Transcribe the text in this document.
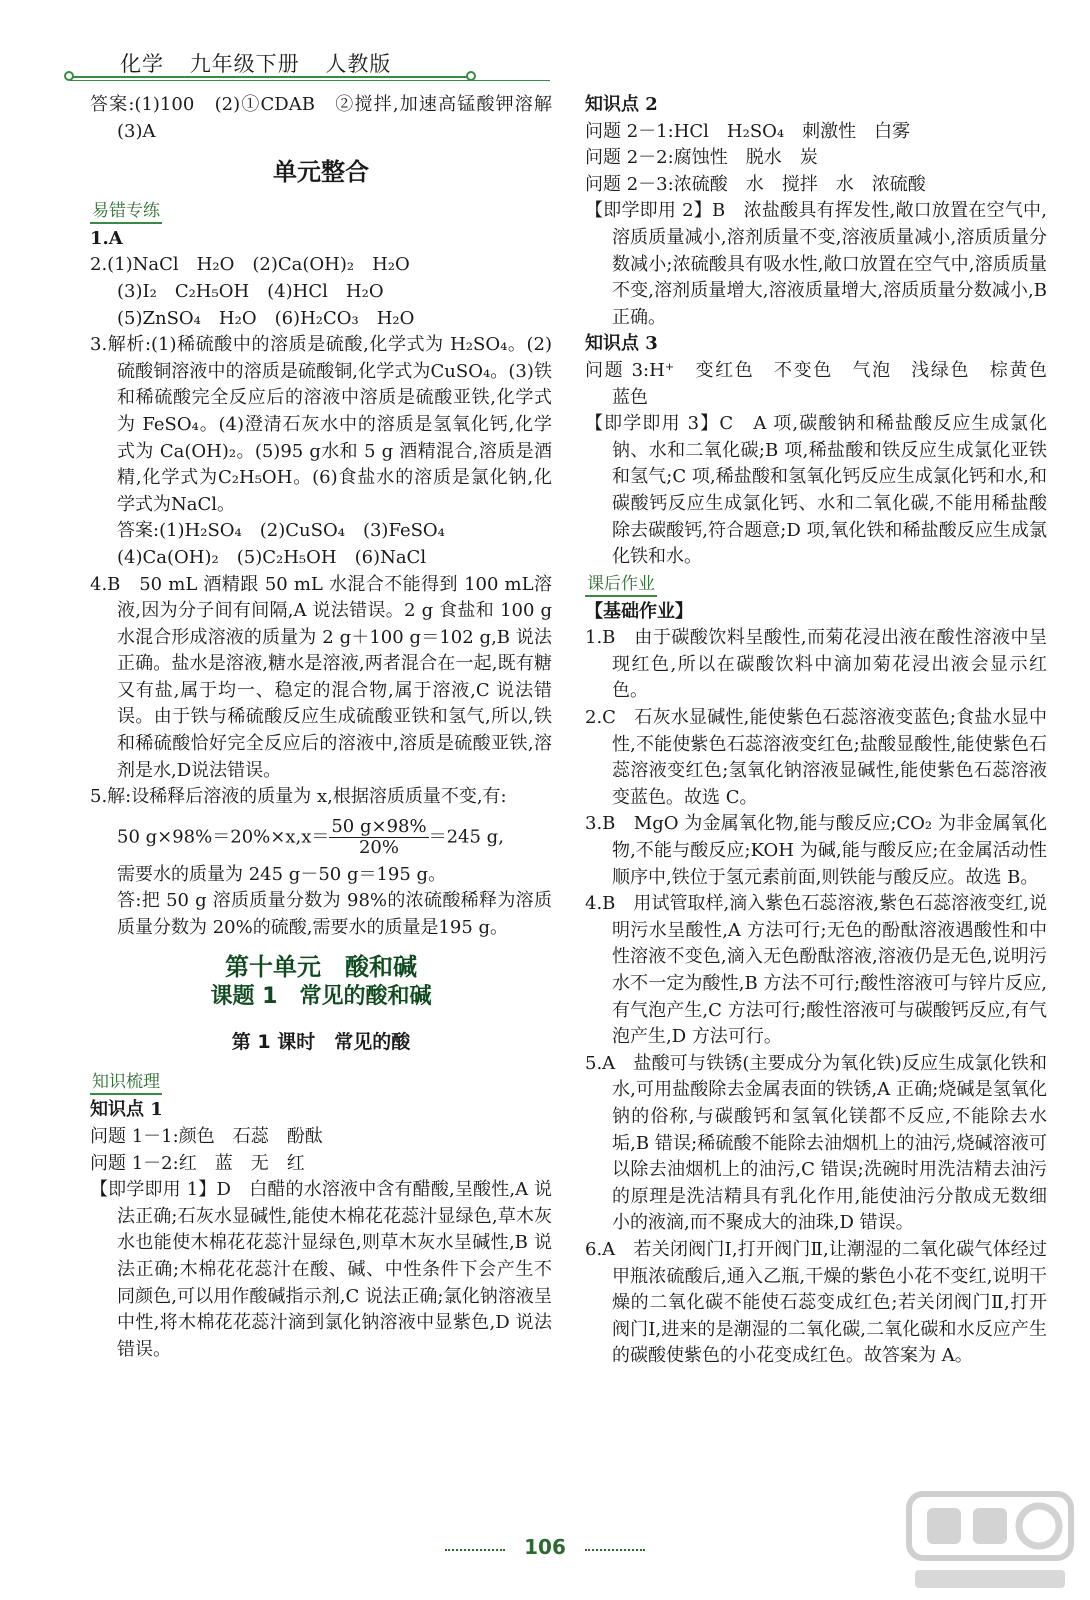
化学 九年级下册 人教版

答案:(1)100　(2)①CDAB　②搅拌,加速高锰酸钾溶解　(3)A

单元整合
易错专练

1.A

2.(1)NaCl　H₂O　(2)Ca(OH)₂　H₂O

(3)I₂　C₂H₅OH　(4)HCl　H₂O

(5)ZnSO₄　H₂O　(6)H₂CO₃　H₂O

3.解析:(1)稀硫酸中的溶质是硫酸,化学式为 H₂SO₄。(2)硫酸铜溶液中的溶质是硫酸铜,化学式为CuSO₄。(3)铁和稀硫酸完全反应后的溶液中溶质是硫酸亚铁,化学式为 FeSO₄。(4)澄清石灰水中的溶质是氢氧化钙,化学式为 Ca(OH)₂。(5)95 g水和 5 g 酒精混合,溶质是酒精,化学式为C₂H₅OH。(6)食盐水的溶质是氯化钠,化学式为NaCl。

答案:(1)H₂SO₄　(2)CuSO₄　(3)FeSO₄

(4)Ca(OH)₂　(5)C₂H₅OH　(6)NaCl

4.B　50 mL 酒精跟 50 mL 水混合不能得到 100 mL溶液,因为分子间有间隔,A 说法错误。2 g 食盐和 100 g 水混合形成溶液的质量为 2 g＋100 g＝102 g,B 说法正确。盐水是溶液,糖水是溶液,两者混合在一起,既有糖又有盐,属于均一、稳定的混合物,属于溶液,C 说法错误。由于铁与稀硫酸反应生成硫酸亚铁和氢气,所以,铁和稀硫酸恰好完全反应后的溶液中,溶质是硫酸亚铁,溶剂是水,D说法错误。

5.解:设稀释后溶液的质量为 x,根据溶质质量不变,有:

50 $g\times 98\%=20\%\times x,x= \frac{50 g\times 98\%}{20\%} =245$ g,

需要水的质量为 245 g－50 g＝195 g。

答:把 50 g 溶质质量分数为 98%的浓硫酸稀释为溶质质量分数为 20%的硫酸,需要水的质量是195 g。

第十单元　酸和碱
课题 1　常见的酸和碱
第 1 课时　常见的酸
知识梳理

知识点 1

问题 1－1:颜色　石蕊　酚酞

问题 1－2:红　蓝　无　红

【即学即用 1】D　白醋的水溶液中含有醋酸,呈酸性,A 说法正确;石灰水显碱性,能使木棉花花蕊汁显绿色,草木灰水也能使木棉花花蕊汁显绿色,则草木灰水呈碱性,B 说法正确;木棉花花蕊汁在酸、碱、中性条件下会产生不同颜色,可以用作酸碱指示剂,C 说法正确;氯化钠溶液呈中性,将木棉花花蕊汁滴到氯化钠溶液中显紫色,D 说法错误。

知识点 2

问题 2－1:HCl　H₂SO₄　刺激性　白雾

问题 2－2:腐蚀性　脱水　炭

问题 2－3:浓硫酸　水　搅拌　水　浓硫酸

【即学即用 2】B　浓盐酸具有挥发性,敞口放置在空气中,溶质质量减小,溶剂质量不变,溶液质量减小,溶质质量分数减小;浓硫酸具有吸水性,敞口放置在空气中,溶质质量不变,溶剂质量增大,溶液质量增大,溶质质量分数减小,B 正确。

知识点 3

问题 3:H⁺　变红色　不变色　气泡　浅绿色　棕黄色　蓝色

【即学即用 3】C　A 项,碳酸钠和稀盐酸反应生成氯化钠、水和二氧化碳;B 项,稀盐酸和铁反应生成氯化亚铁和氢气;C 项,稀盐酸和氢氧化钙反应生成氯化钙和水,和碳酸钙反应生成氯化钙、水和二氧化碳,不能用稀盐酸除去碳酸钙,符合题意;D 项,氧化铁和稀盐酸反应生成氯化铁和水。

课后作业

【基础作业】

1.B　由于碳酸饮料呈酸性,而菊花浸出液在酸性溶液中呈现红色,所以在碳酸饮料中滴加菊花浸出液会显示红色。

2.C　石灰水显碱性,能使紫色石蕊溶液变蓝色;食盐水显中性,不能使紫色石蕊溶液变红色;盐酸显酸性,能使紫色石蕊溶液变红色;氢氧化钠溶液显碱性,能使紫色石蕊溶液变蓝色。故选 C。

3.B　MgO 为金属氧化物,能与酸反应;CO₂ 为非金属氧化物,不能与酸反应;KOH 为碱,能与酸反应;在金属活动性顺序中,铁位于氢元素前面,则铁能与酸反应。故选 B。

4.B　用试管取样,滴入紫色石蕊溶液,紫色石蕊溶液变红,说明污水呈酸性,A 方法可行;无色的酚酞溶液遇酸性和中性溶液不变色,滴入无色酚酞溶液,溶液仍是无色,说明污水不一定为酸性,B 方法不可行;酸性溶液可与锌片反应,有气泡产生,C 方法可行;酸性溶液可与碳酸钙反应,有气泡产生,D 方法可行。

5.A　盐酸可与铁锈(主要成分为氧化铁)反应生成氯化铁和水,可用盐酸除去金属表面的铁锈,A 正确;烧碱是氢氧化钠的俗称,与碳酸钙和氢氧化镁都不反应,不能除去水垢,B 错误;稀硫酸不能除去油烟机上的油污,烧碱溶液可以除去油烟机上的油污,C 错误;洗碗时用洗洁精去油污的原理是洗洁精具有乳化作用,能使油污分散成无数细小的液滴,而不聚成大的油珠,D 错误。

6.A　若关闭阀门Ⅰ,打开阀门Ⅱ,让潮湿的二氧化碳气体经过甲瓶浓硫酸后,通入乙瓶,干燥的紫色小花不变红,说明干燥的二氧化碳不能使石蕊变成红色;若关闭阀门Ⅱ,打开阀门Ⅰ,进来的是潮湿的二氧化碳,二氧化碳和水反应产生的碳酸使紫色的小花变成红色。故答案为 A。

106
